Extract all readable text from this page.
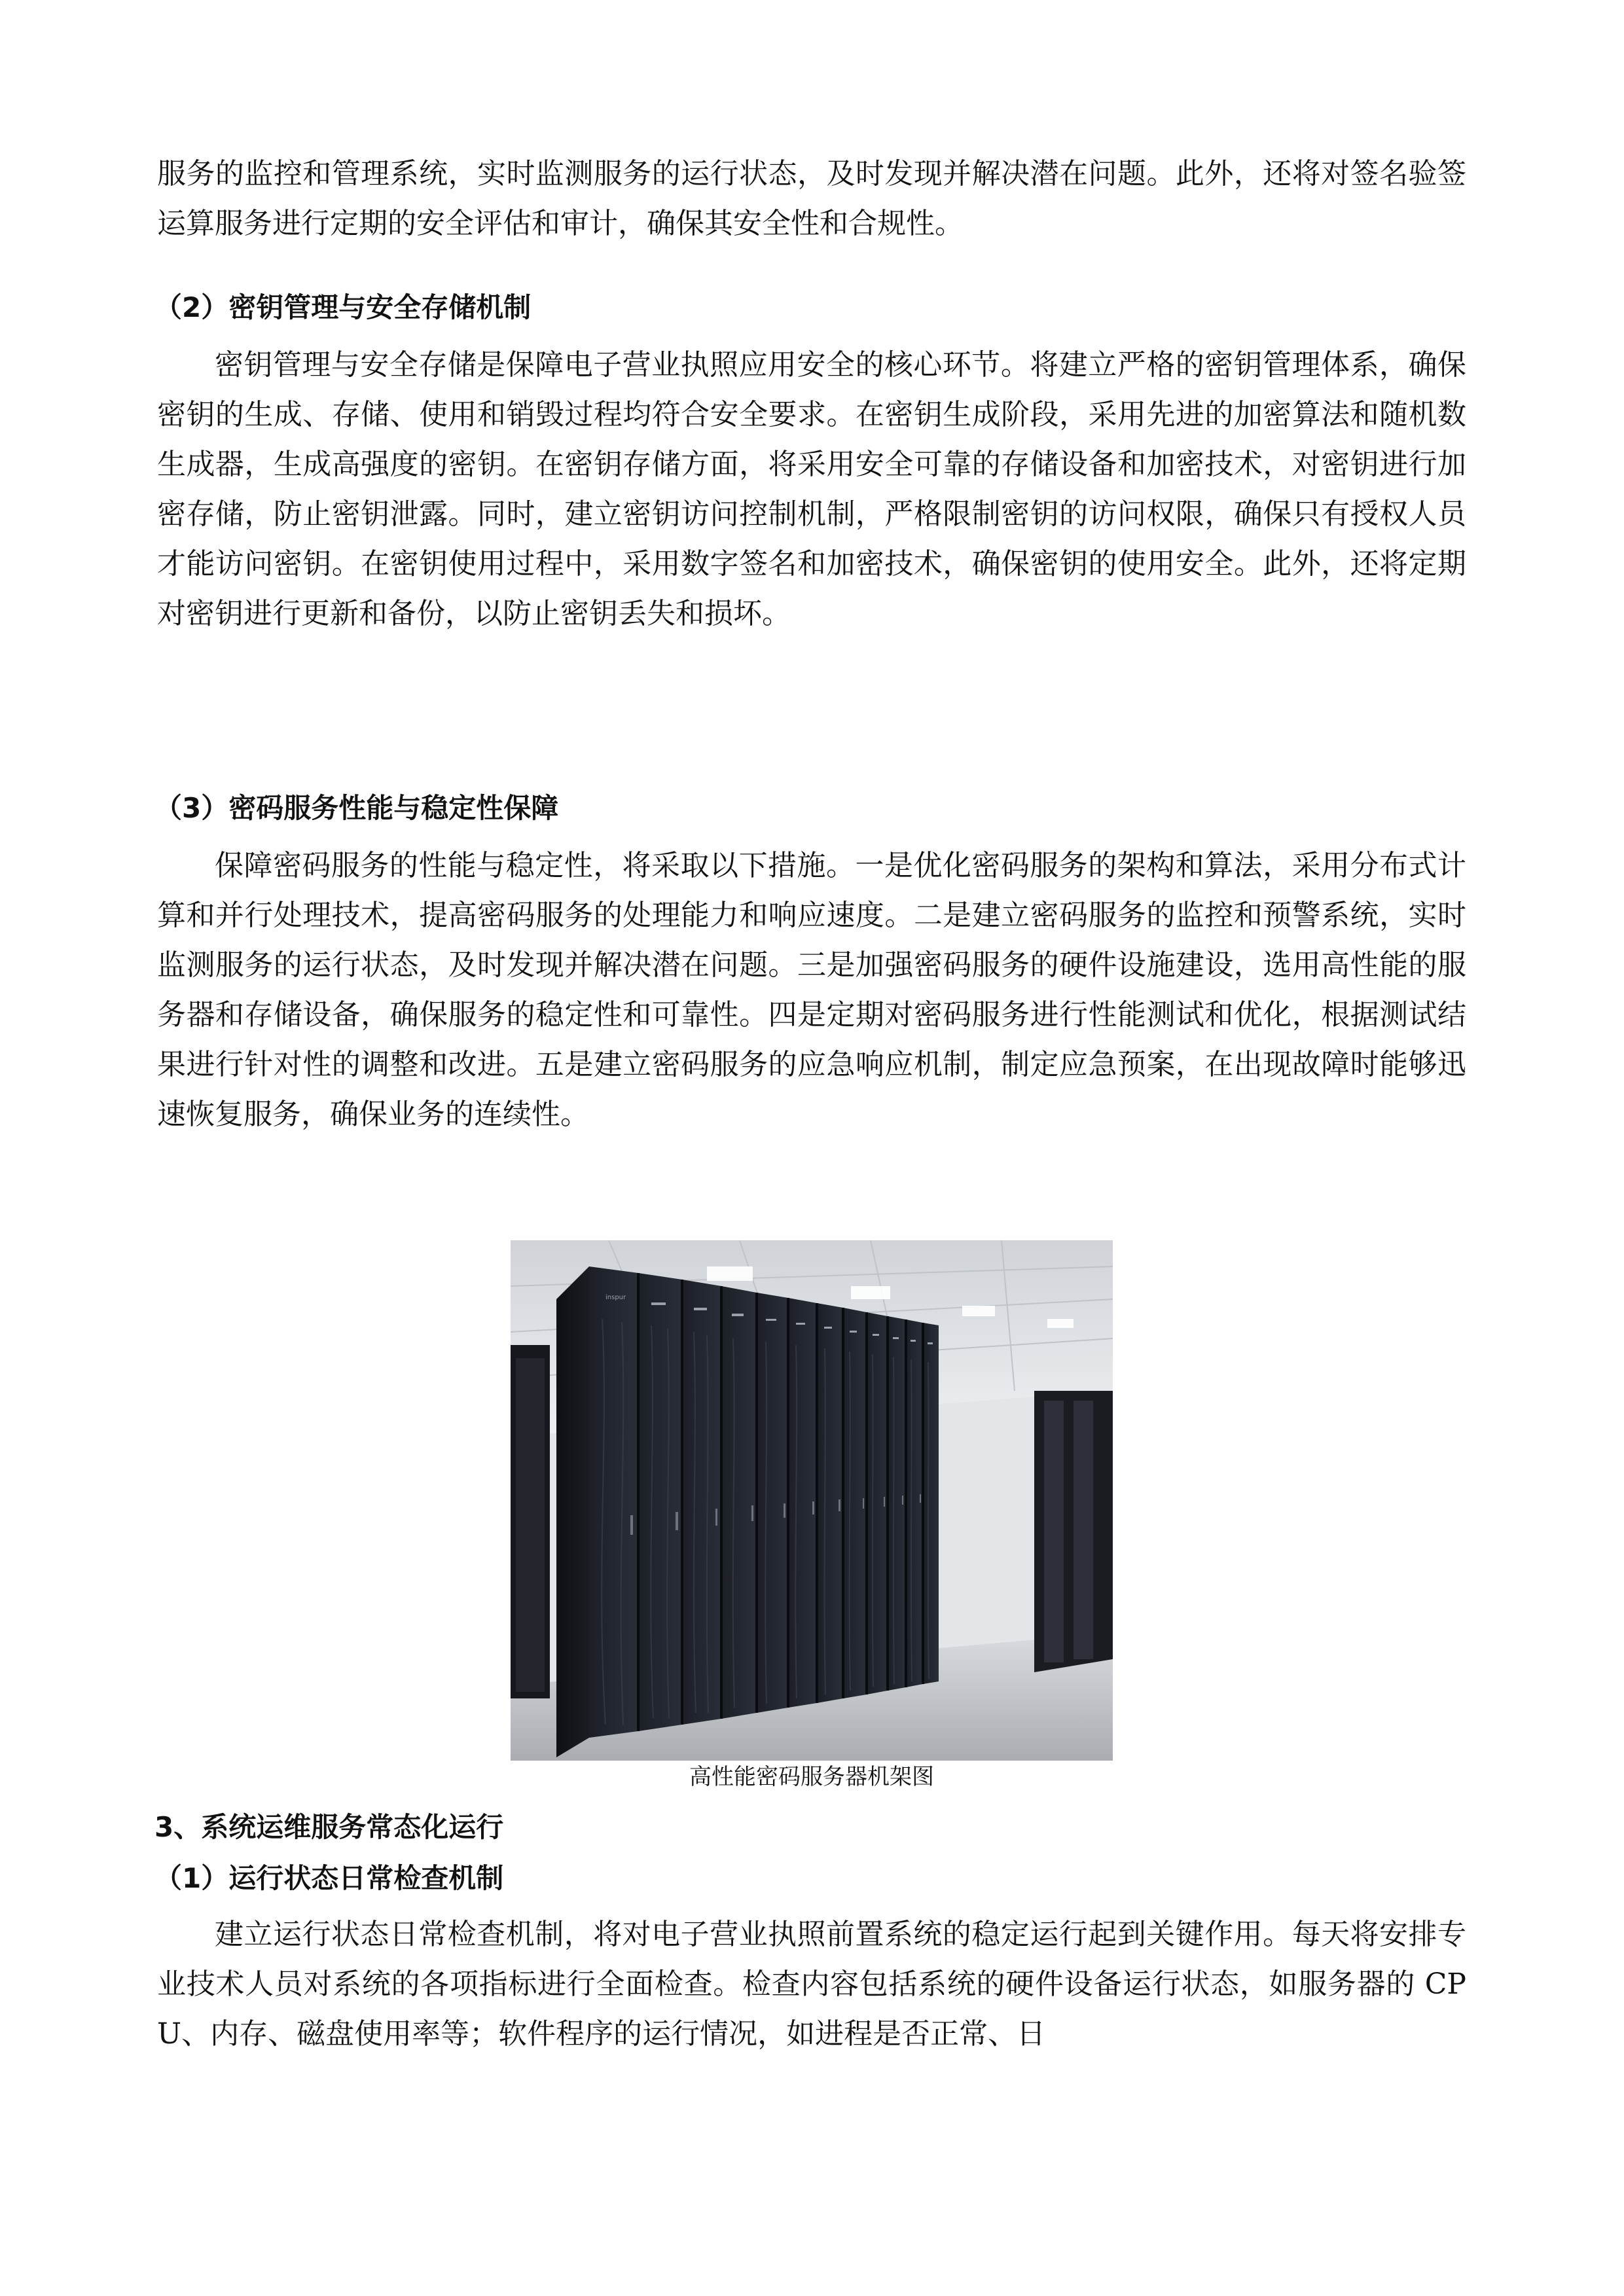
服务的监控和管理系统，实时监测服务的运行状态，及时发现并解决潜在问题。此外，还将对签名验签运算服务进行定期的安全评估和审计，确保其安全性和合规性。

（2）密钥管理与安全存储机制

密钥管理与安全存储是保障电子营业执照应用安全的核心环节。将建立严格的密钥管理体系，确保密钥的生成、存储、使用和销毁过程均符合安全要求。在密钥生成阶段，采用先进的加密算法和随机数生成器，生成高强度的密钥。在密钥存储方面，将采用安全可靠的存储设备和加密技术，对密钥进行加密存储，防止密钥泄露。同时，建立密钥访问控制机制，严格限制密钥的访问权限，确保只有授权人员才能访问密钥。在密钥使用过程中，采用数字签名和加密技术，确保密钥的使用安全。此外，还将定期对密钥进行更新和备份，以防止密钥丢失和损坏。

（3）密码服务性能与稳定性保障

保障密码服务的性能与稳定性，将采取以下措施。一是优化密码服务的架构和算法，采用分布式计算和并行处理技术，提高密码服务的处理能力和响应速度。二是建立密码服务的监控和预警系统，实时监测服务的运行状态，及时发现并解决潜在问题。三是加强密码服务的硬件设施建设，选用高性能的服务器和存储设备，确保服务的稳定性和可靠性。四是定期对密码服务进行性能测试和优化，根据测试结果进行针对性的调整和改进。五是建立密码服务的应急响应机制，制定应急预案，在出现故障时能够迅速恢复服务，确保业务的连续性。

inspur
高性能密码服务器机架图
3、系统运维服务常态化运行
（1）运行状态日常检查机制

建立运行状态日常检查机制，将对电子营业执照前置系统的稳定运行起到关键作用。每天将安排专业技术人员对系统的各项指标进行全面检查。检查内容包括系统的硬件设备运行状态，如服务器的 CPU、内存、磁盘使用率等；软件程序的运行情况，如进程是否正常、日
